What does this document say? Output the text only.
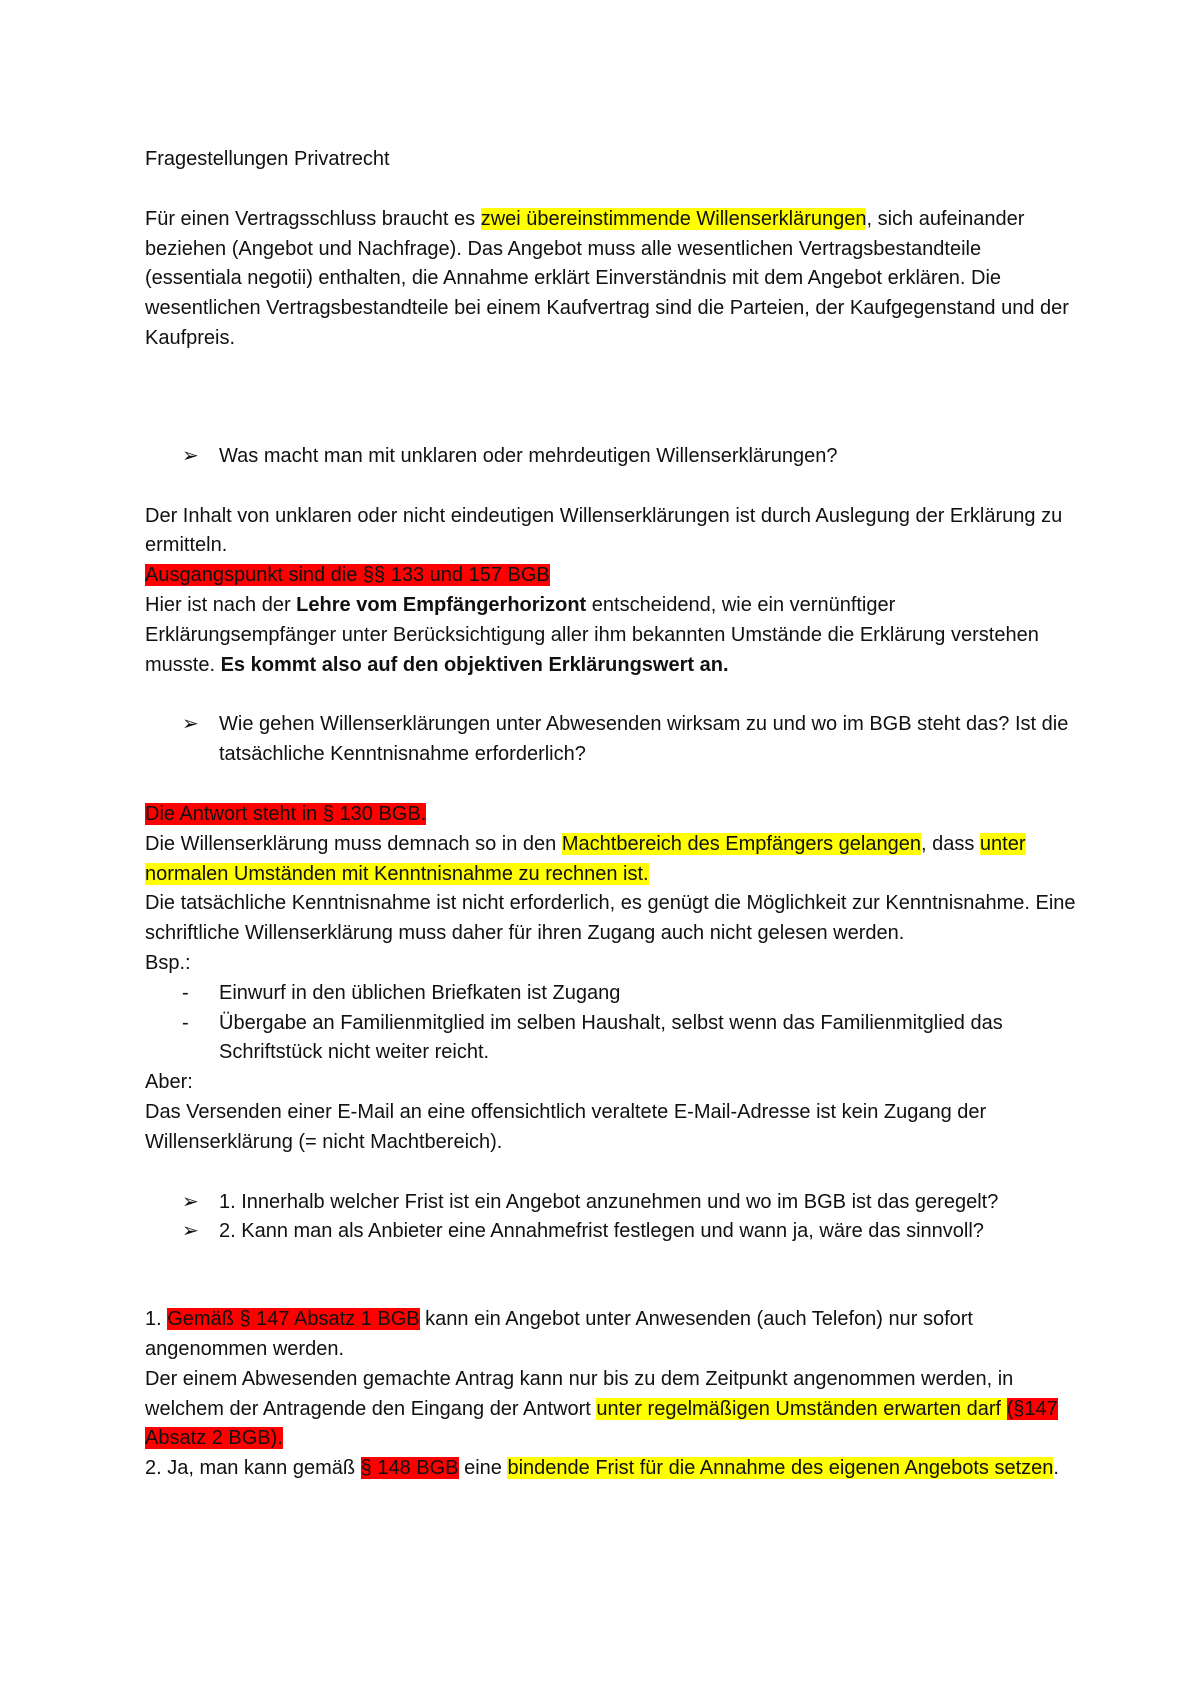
Fragestellungen Privatrecht

Für einen Vertragsschluss braucht es zwei übereinstimmende Willenserklärungen, sich aufeinander beziehen (Angebot und Nachfrage). Das Angebot muss alle wesentlichen Vertragsbestandteile (essentiala negotii) enthalten, die Annahme erklärt Einverständnis mit dem Angebot erklären. Die wesentlichen Vertragsbestandteile bei einem Kaufvertrag sind die Parteien, der Kaufgegenstand und der Kaufpreis.

➢	Was macht man mit unklaren oder mehrdeutigen Willenserklärungen?

Der Inhalt von unklaren oder nicht eindeutigen Willenserklärungen ist durch Auslegung der Erklärung zu ermitteln.

Ausgangspunkt sind die §§ 133 und 157 BGB

Hier ist nach der Lehre vom Empfängerhorizont entscheidend, wie ein vernünftiger Erklärungsempfänger unter Berücksichtigung aller ihm bekannten Umstände die Erklärung verstehen musste. Es kommt also auf den objektiven Erklärungswert an.

➢	Wie gehen Willenserklärungen unter Abwesenden wirksam zu und wo im BGB steht das? Ist die tatsächliche Kenntnisnahme erforderlich?

Die Antwort steht in § 130 BGB.

Die Willenserklärung muss demnach so in den Machtbereich des Empfängers gelangen, dass unter normalen Umständen mit Kenntnisnahme zu rechnen ist.

Die tatsächliche Kenntnisnahme ist nicht erforderlich, es genügt die Möglichkeit zur Kenntnisnahme. Eine schriftliche Willenserklärung muss daher für ihren Zugang auch nicht gelesen werden.

Bsp.:

-	Einwurf in den üblichen Briefkaten ist Zugang
-	Übergabe an Familienmitglied im selben Haushalt, selbst wenn das Familienmitglied das Schriftstück nicht weiter reicht.

Aber:

Das Versenden einer E-Mail an eine offensichtlich veraltete E-Mail-Adresse ist kein Zugang der Willenserklärung (= nicht Machtbereich).

➢	1. Innerhalb welcher Frist ist ein Angebot anzunehmen und wo im BGB ist das geregelt?
➢	2. Kann man als Anbieter eine Annahmefrist festlegen und wann ja, wäre das sinnvoll?

1. Gemäß § 147 Absatz 1 BGB kann ein Angebot unter Anwesenden (auch Telefon) nur sofort angenommen werden.

Der einem Abwesenden gemachte Antrag kann nur bis zu dem Zeitpunkt angenommen werden, in welchem der Antragende den Eingang der Antwort unter regelmäßigen Umständen erwarten darf (§147 Absatz 2 BGB).

2. Ja, man kann gemäß § 148 BGB eine bindende Frist für die Annahme des eigenen Angebots setzen.
